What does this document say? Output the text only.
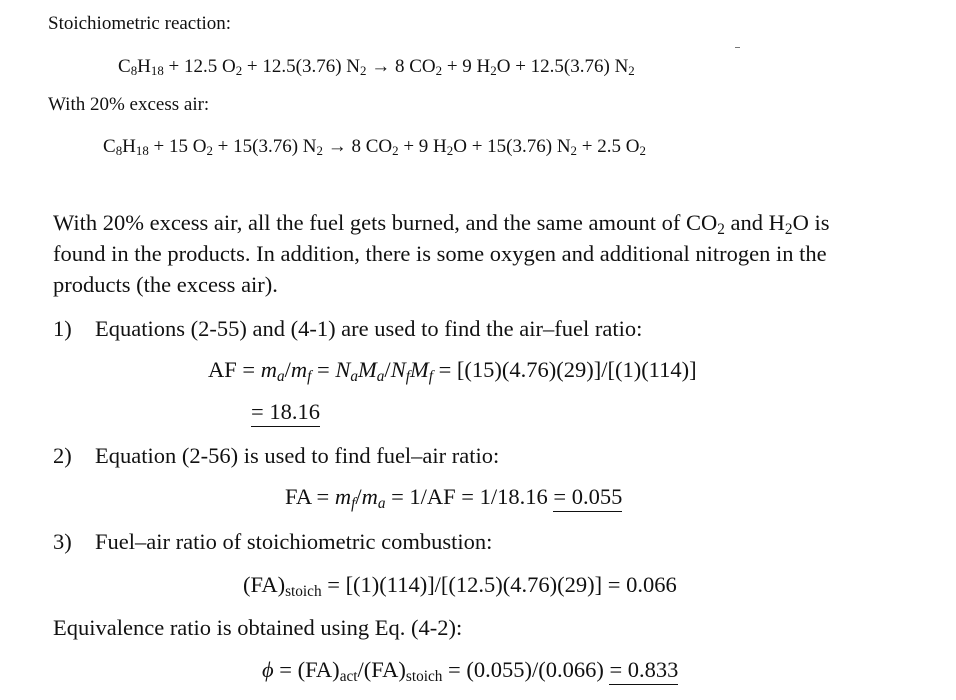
Stoichiometric reaction:
$C_8H_{18} + 12.5$ $O_2 + 12.5(3.76) N_2 \to 8$ $CO_2 + 9$ $H_2O + 12.5(3.76)$ $N_2$
With 20% excess air:
$C_8H_{18} + 15$ $O_2 + 15(3.76) N_2 \to 8$ $CO_2 + 9$ $H_2O + 15(3.76) N_2 + 2.5$ $O_2$
With 20% excess air, all the fuel gets burned, and the same amount of $CO_2$ and $H_2O$ is
found in the products. In addition, there is some oxygen and additional nitrogen in the
products (the excess air).
1) Equations (2-55) and (4-1) are used to find the air–fuel ratio:
AF = $m_a/m_f = N_aM_a/N_fM_f = [(15)(4.76)(29)]/[(1)(114)]$
= 18.16
2) Equation (2-56) is used to find fuel–air ratio:
FA = $m_f/m_a = 1/AF = 1/18.16 = 0.055$
3) Fuel–air ratio of stoichiometric combustion:
$(FA)_{stoich} = [(1)(114)]/[(12.5)(4.76)(29)] = 0.066$
Equivalence ratio is obtained using Eq. (4-2):
$\phi = (FA)_{act}/(FA)_{stoich} = (0.055)/(0.066) = 0.833$
